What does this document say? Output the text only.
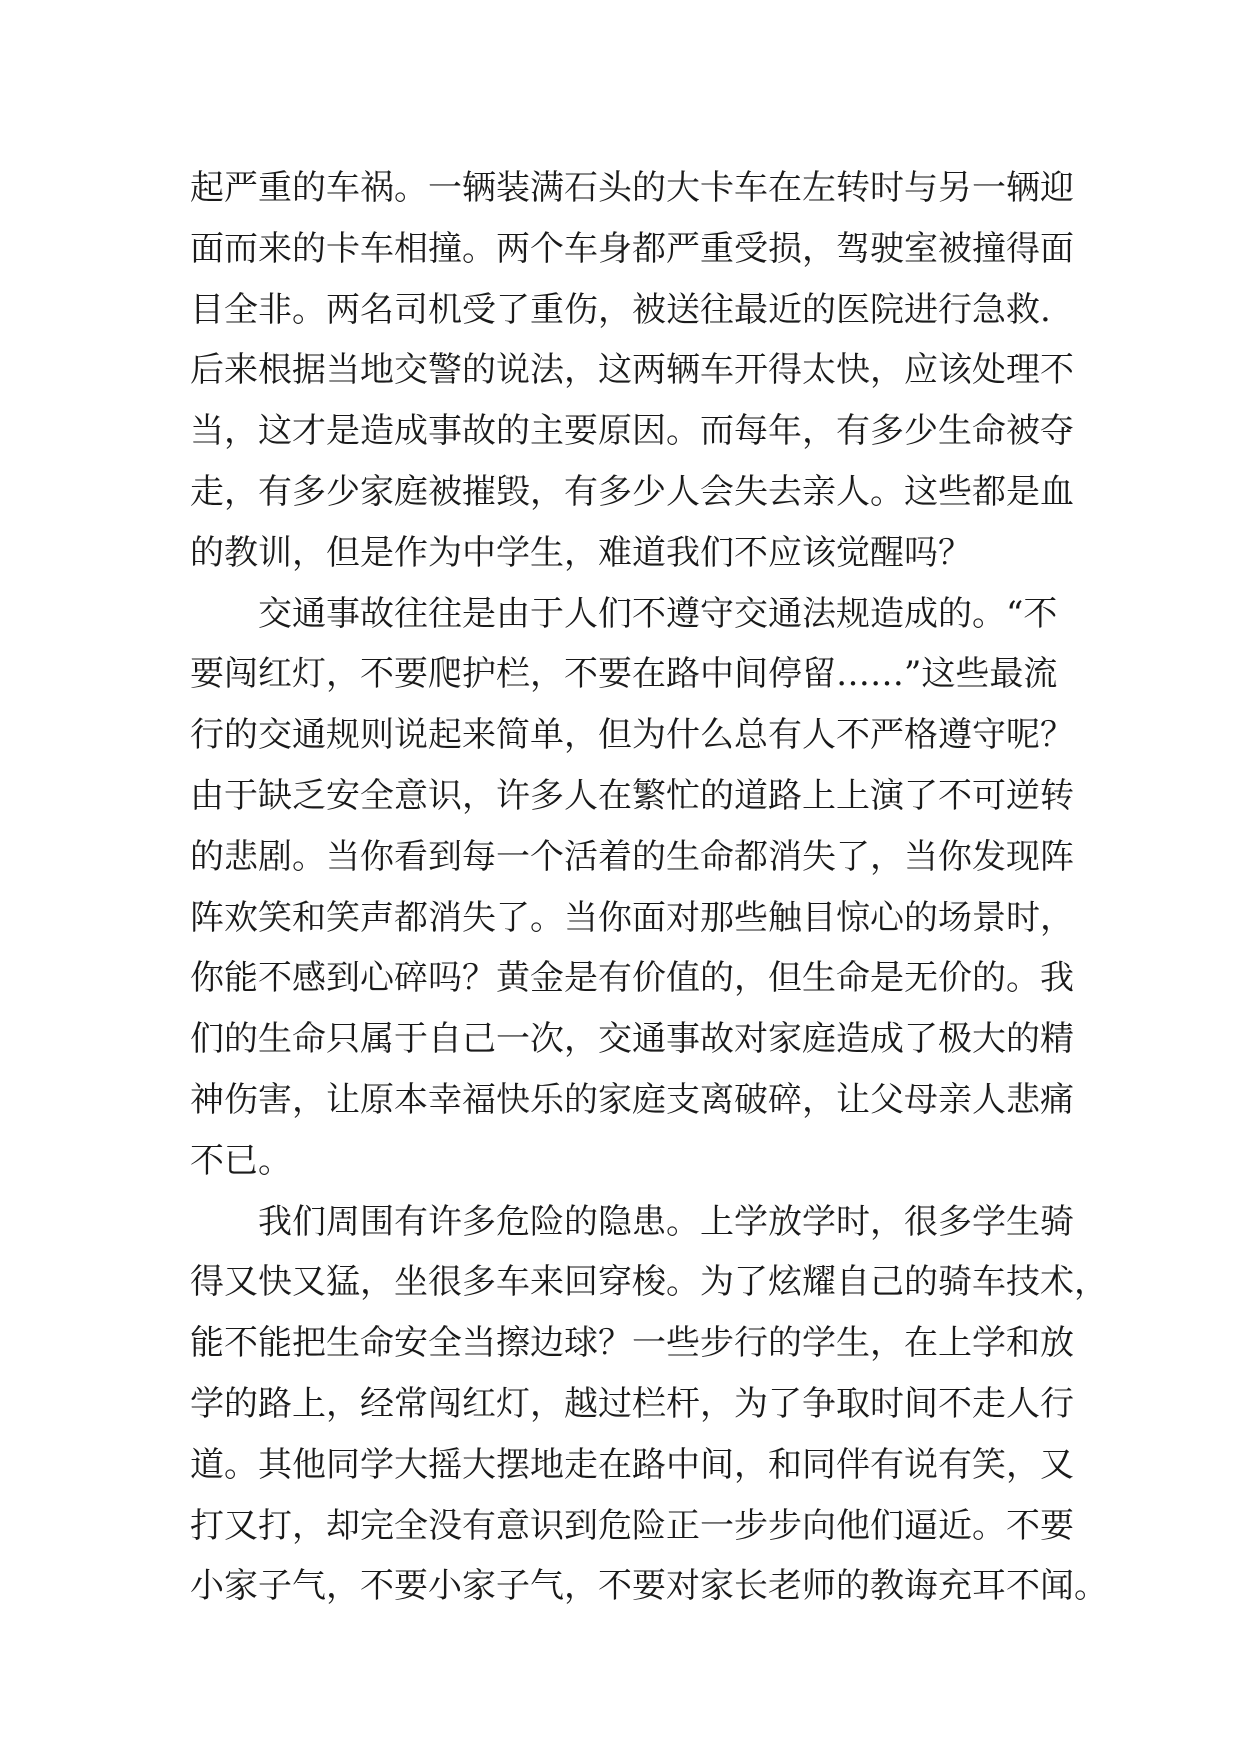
起严重的车祸。一辆装满石头的大卡车在左转时与另一辆迎
面而来的卡车相撞。两个车身都严重受损，驾驶室被撞得面
目全非。两名司机受了重伤，被送往最近的医院进行急救.
后来根据当地交警的说法，这两辆车开得太快，应该处理不
当，这才是造成事故的主要原因。而每年，有多少生命被夺
走，有多少家庭被摧毁，有多少人会失去亲人。这些都是血
的教训，但是作为中学生，难道我们不应该觉醒吗？
交通事故往往是由于人们不遵守交通法规造成的。“不
要闯红灯，不要爬护栏，不要在路中间停留……”这些最流
行的交通规则说起来简单，但为什么总有人不严格遵守呢？
由于缺乏安全意识，许多人在繁忙的道路上上演了不可逆转
的悲剧。当你看到每一个活着的生命都消失了，当你发现阵
阵欢笑和笑声都消失了。当你面对那些触目惊心的场景时，
你能不感到心碎吗？黄金是有价值的，但生命是无价的。我
们的生命只属于自己一次，交通事故对家庭造成了极大的精
神伤害，让原本幸福快乐的家庭支离破碎，让父母亲人悲痛
不已。
我们周围有许多危险的隐患。上学放学时，很多学生骑
得又快又猛，坐很多车来回穿梭。为了炫耀自己的骑车技术，
能不能把生命安全当擦边球？一些步行的学生，在上学和放
学的路上，经常闯红灯，越过栏杆，为了争取时间不走人行
道。其他同学大摇大摆地走在路中间，和同伴有说有笑，又
打又打，却完全没有意识到危险正一步步向他们逼近。不要
小家子气，不要小家子气，不要对家长老师的教诲充耳不闻。
